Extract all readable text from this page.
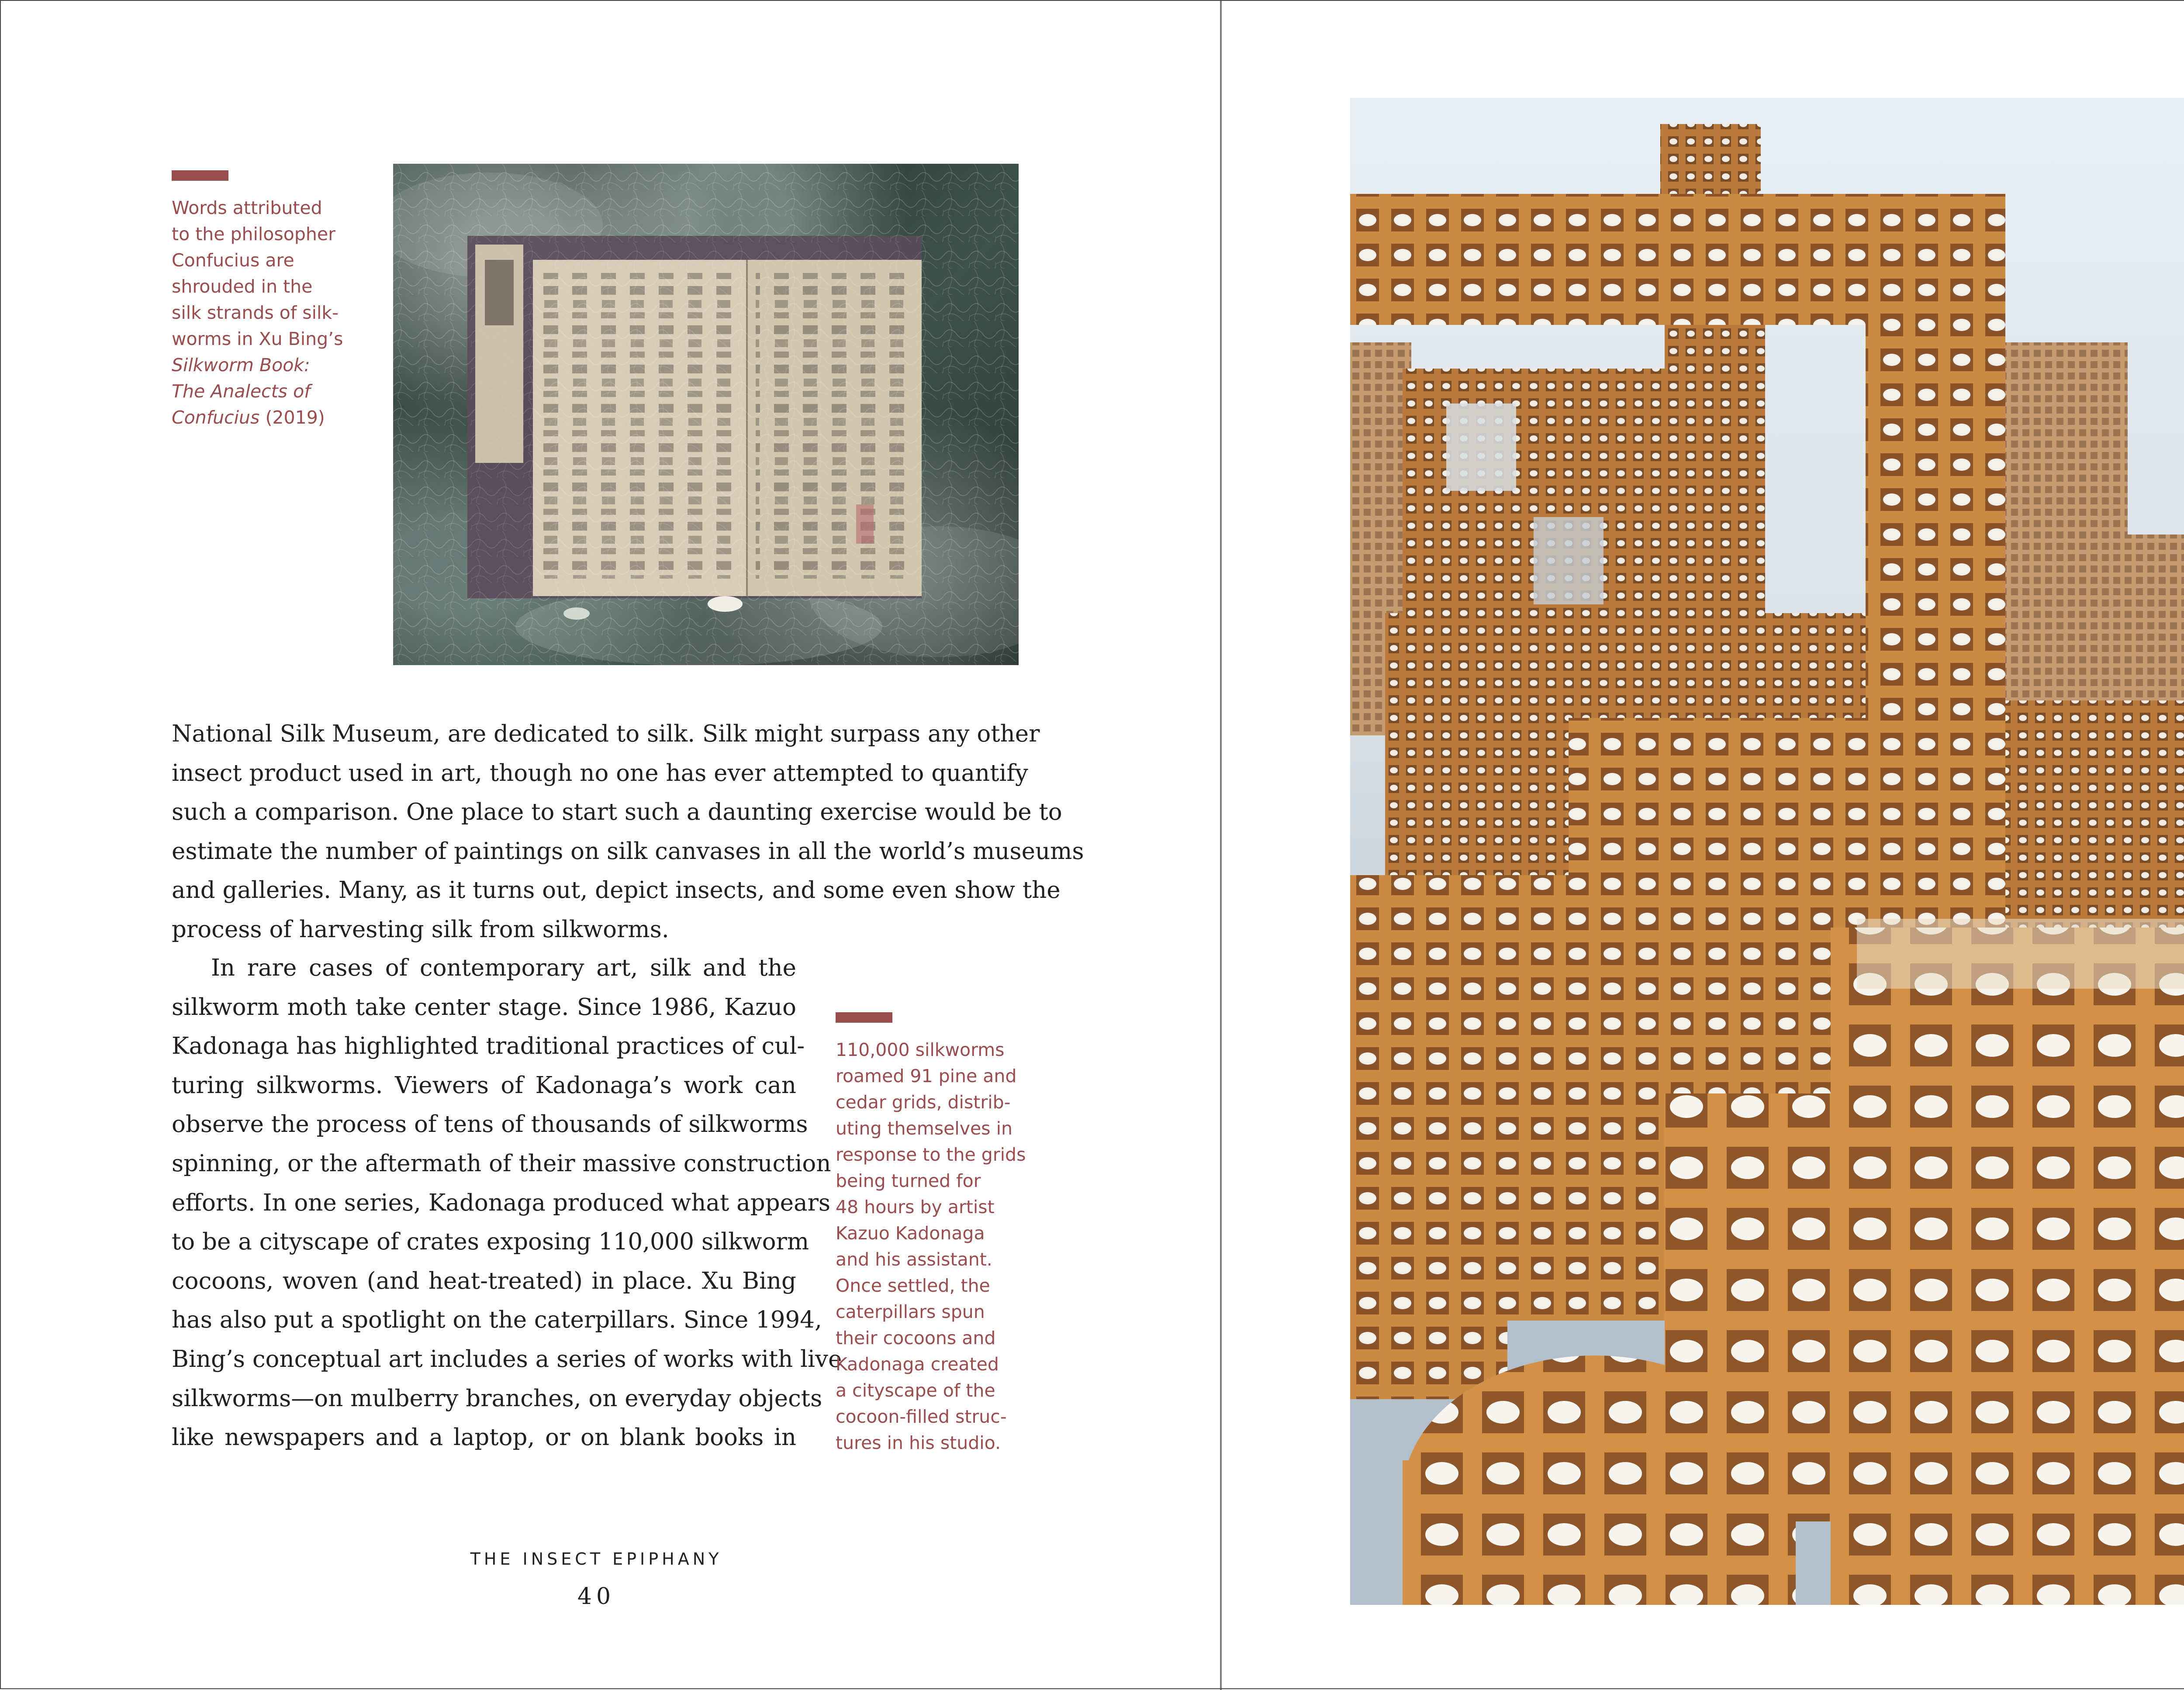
Words attributed
to the philosopher
Confucius are
shrouded in the
silk strands of silk-
worms in Xu Bing’s
Silkworm Book:
The Analects of
Confucius (2019)
National Silk Museum, are dedicated to silk. Silk might surpass any other
insect product used in art, though no one has ever attempted to quantify
such a comparison. One place to start such a daunting exercise would be to
estimate the number of paintings on silk canvases in all the world’s museums
and galleries. Many, as it turns out, depict insects, and some even show the
process of harvesting silk from silkworms.
In rare cases of contemporary art, silk and the
silkworm moth take center stage. Since 1986, Kazuo
Kadonaga has highlighted traditional practices of cul-
turing silkworms. Viewers of Kadonaga’s work can
observe the process of tens of thousands of silkworms
spinning, or the aftermath of their massive construction
efforts. In one series, Kadonaga produced what appears
to be a cityscape of crates exposing 110,000 silkworm
cocoons, woven (and heat-treated) in place. Xu Bing
has also put a spotlight on the caterpillars. Since 1994,
Bing’s conceptual art includes a series of works with live
silkworms—on mulberry branches, on everyday objects
like newspapers and a laptop, or on blank books in
110,000 silkworms
roamed 91 pine and
cedar grids, distrib-
uting themselves in
response to the grids
being turned for
48 hours by artist
Kazuo Kadonaga
and his assistant.
Once settled, the
caterpillars spun
their cocoons and
Kadonaga created
a cityscape of the
cocoon-filled struc-
tures in his studio.
THE INSECT EPIPHANY
40
